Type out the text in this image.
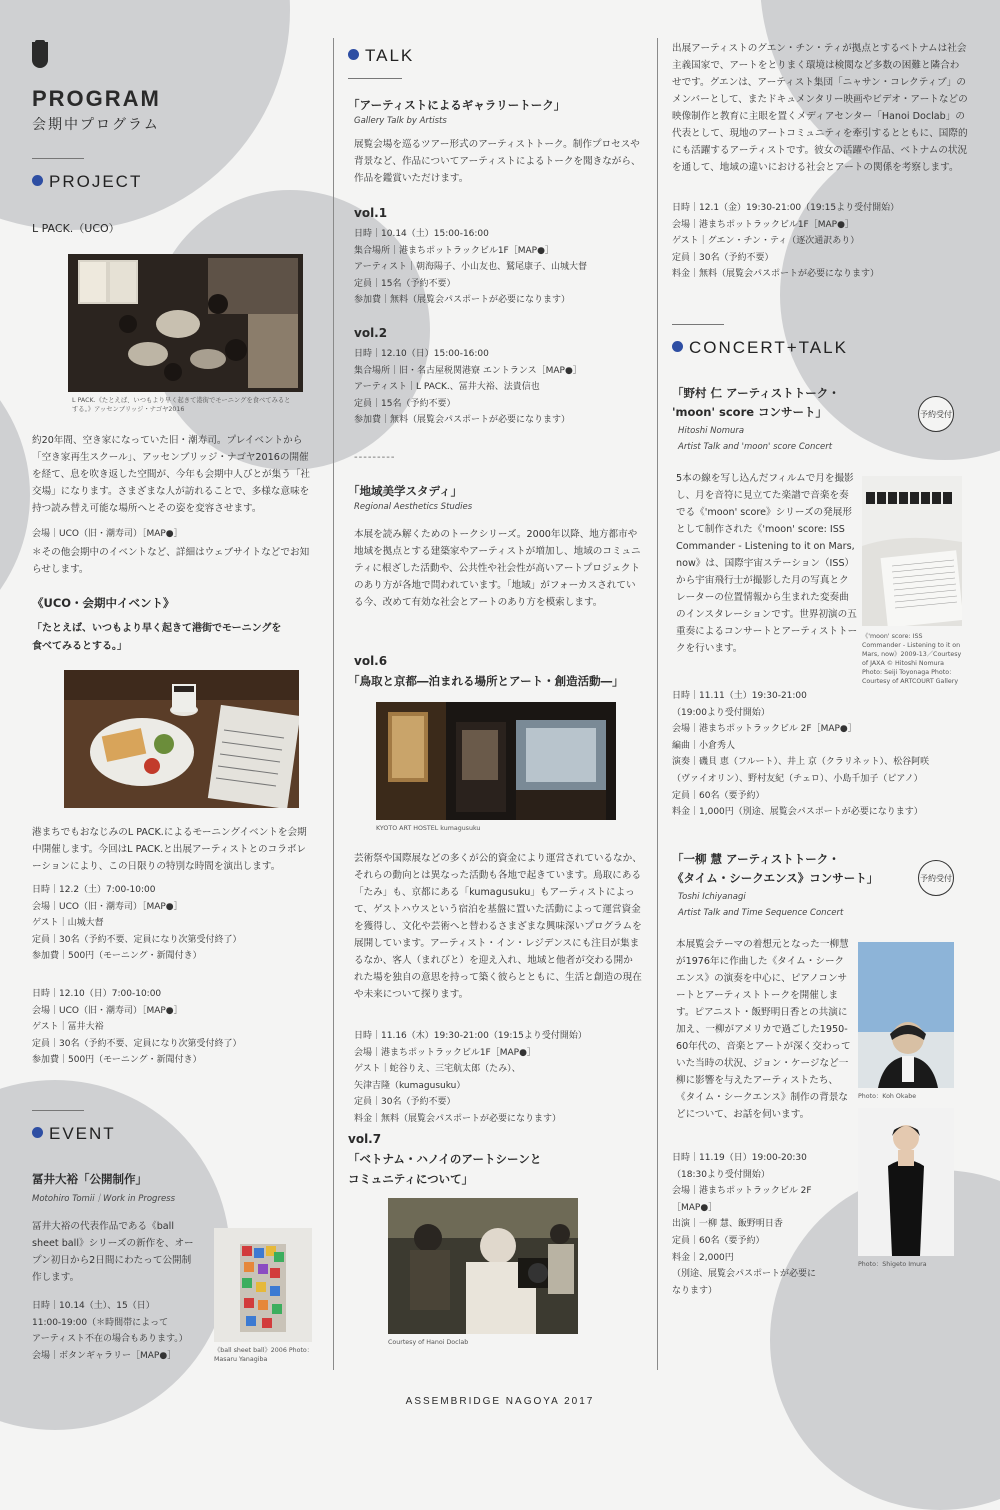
PROGRAM
会期中プログラム
PROJECT
L PACK.（UCO）
L PACK.《たとえば、いつもより早く起きて港街でモーニングを食べてみるとする。》アッセンブリッジ・ナゴヤ2016
約20年間、空き家になっていた旧・潮寿司。プレイベントから「空き家再生スクール」、アッセンブリッジ・ナゴヤ2016の開催を経て、息を吹き返した空間が、今年も会期中人びとが集う「社交場」になります。さまざまな人が訪れることで、多様な意味を持つ読み替え可能な場所へとその姿を変容させます。
会場｜UCO（旧・潮寿司）［MAP●］
＊その他会期中のイベントなど、詳細はウェブサイトなどでお知らせします。
《UCO・会期中イベント》
「たとえば、いつもより早く起きて港街でモーニングを
食べてみるとする。」
港まちでもおなじみのL PACK.によるモーニングイベントを会期中開催します。今回はL PACK.と出展アーティストとのコラボレーションにより、この日限りの特別な時間を演出します。
日時｜12.2（土）7:00-10:00
会場｜UCO（旧・潮寿司）［MAP●］
ゲスト｜山城大督
定員｜30名（予約不要、定員になり次第受付終了）
参加費｜500円（モーニング・新聞付き）
日時｜12.10（日）7:00-10:00
会場｜UCO（旧・潮寿司）［MAP●］
ゲスト｜冨井大裕
定員｜30名（予約不要、定員になり次第受付終了）
参加費｜500円（モーニング・新聞付き）
EVENT
冨井大裕「公開制作」
Motohiro Tomii｜Work in Progress
冨井大裕の代表作品である《ball sheet ball》シリーズの新作を、オープン初日から2日間にわたって公開制作します。
日時｜10.14（土）、15（日）
11:00-19:00（＊時間帯によって
アーティスト不在の場合もあります。）
会場｜ボタンギャラリー［MAP●］
《ball sheet ball》2006 Photo：Masaru Yanagiba
TALK
「アーティストによるギャラリートーク」
Gallery Talk by Artists
展覧会場を巡るツアー形式のアーティストトーク。制作プロセスや背景など、作品についてアーティストによるトークを聞きながら、作品を鑑賞いただけます。
vol.1
日時｜10.14（土）15:00-16:00
集合場所｜港まちポットラックビル1F［MAP●］
アーティスト｜朝海陽子、小山友也、鷲尾康子、山城大督
定員｜15名（予約不要）
参加費｜無料（展覧会パスポートが必要になります）
vol.2
日時｜12.10（日）15:00-16:00
集合場所｜旧・名古屋税関港寮 エントランス［MAP●］
アーティスト｜L PACK.、冨井大裕、法貴信也
定員｜15名（予約不要）
参加費｜無料（展覧会パスポートが必要になります）
---------
「地域美学スタディ」
Regional Aesthetics Studies
本展を読み解くためのトークシリーズ。2000年以降、地方都市や地域を拠点とする建築家やアーティストが増加し、地域のコミュニティに根ざした活動や、公共性や社会性が高いアートプロジェクトのあり方が各地で問われています。「地域」がフォーカスされている今、改めて有効な社会とアートのあり方を模索します。
vol.6
「鳥取と京都―泊まれる場所とアート・創造活動―」
KYOTO ART HOSTEL kumagusuku
芸術祭や国際展などの多くが公的資金により運営されているなか、それらの動向とは異なった活動も各地で起きています。鳥取にある「たみ」も、京都にある「kumagusuku」もアーティストによって、ゲストハウスという宿泊を基盤に置いた活動によって運営資金を獲得し、文化や芸術へと替わるさまざまな興味深いプログラムを展開しています。アーティスト・イン・レジデンスにも注目が集まるなか、客人（まれびと）を迎え入れ、地域と他者が交わる開かれた場を独自の意思を持って築く彼らとともに、生活と創造の現在や未来について探ります。
日時｜11.16（木）19:30-21:00（19:15より受付開始）
会場｜港まちポットラックビル1F［MAP●］
ゲスト｜蛇谷りえ、三宅航太郎（たみ）、
矢津吉隆（kumagusuku）
定員｜30名（予約不要）
料金｜無料（展覧会パスポートが必要になります）
vol.7
「ベトナム・ハノイのアートシーンと
コミュニティについて」
Courtesy of Hanoi Doclab
出展アーティストのグエン・チン・ティが拠点とするベトナムは社会主義国家で、アートをとりまく環境は検閲など多数の困難と隣合わせです。グエンは、アーティスト集団「ニャサン・コレクティブ」のメンバーとして、またドキュメンタリー映画やビデオ・アートなどの映像制作と教育に主眼を置くメディアセンター「Hanoi Doclab」の代表として、現地のアートコミュニティを牽引するとともに、国際的にも活躍するアーティストです。彼女の活躍や作品、ベトナムの状況を通して、地域の違いにおける社会とアートの関係を考察します。
日時｜12.1（金）19:30-21:00（19:15より受付開始）
会場｜港まちポットラックビル1F［MAP●］
ゲスト｜グエン・チン・ティ（逐次通訳あり）
定員｜30名（予約不要）
料金｜無料（展覧会パスポートが必要になります）
CONCERT+TALK
「野村 仁 アーティストトーク・
'moon' score コンサート」
Hitoshi Nomura
Artist Talk and 'moon' score Concert
予約受付
5本の線を写し込んだフィルムで月を撮影し、月を音符に見立てた楽譜で音楽を奏でる《'moon' score》シリーズの発展形として制作された《'moon' score: ISS Commander - Listening to it on Mars, now》は、国際宇宙ステーション（ISS）から宇宙飛行士が撮影した月の写真とクレーターの位置情報から生まれた変奏曲のインスタレーションです。世界初演の五重奏によるコンサートとアーティストトークを行います。
《'moon' score: ISS Commander - Listening to it on Mars, now》2009-13／Courtesy of JAXA © Hitoshi Nomura Photo: Seiji Toyonaga Photo：Courtesy of ARTCOURT Gallery
日時｜11.11（土）19:30-21:00
（19:00より受付開始）
会場｜港まちポットラックビル 2F［MAP●］
編曲｜小倉秀人
演奏｜磯貝 恵（フルート）、井上 京（クラリネット）、松谷阿咲
（ヴァイオリン）、野村友紀（チェロ）、小島千加子（ピアノ）
定員｜60名（要予約）
料金｜1,000円（別途、展覧会パスポートが必要になります）
「一柳 慧 アーティストトーク・
《タイム・シークエンス》コンサート」
Toshi Ichiyanagi
Artist Talk and Time Sequence Concert
予約受付
本展覧会テーマの着想元となった一柳慧が1976年に作曲した《タイム・シークエンス》の演奏を中心に、ピアノコンサートとアーティストトークを開催します。ピアニスト・飯野明日香との共演に加え、一柳がアメリカで過ごした1950-60年代の、音楽とアートが深く交わっていた当時の状況、ジョン・ケージなど一柳に影響を与えたアーティストたち、《タイム・シークエンス》制作の背景などについて、お話を伺います。
Photo：Koh Okabe
Photo：Shigeto Imura
日時｜11.19（日）19:00-20:30
（18:30より受付開始）
会場｜港まちポットラックビル 2F
［MAP●］
出演｜一柳 慧、飯野明日香
定員｜60名（要予約）
料金｜2,000円
（別途、展覧会パスポートが必要に
なります）
ASSEMBRIDGE NAGOYA 2017
